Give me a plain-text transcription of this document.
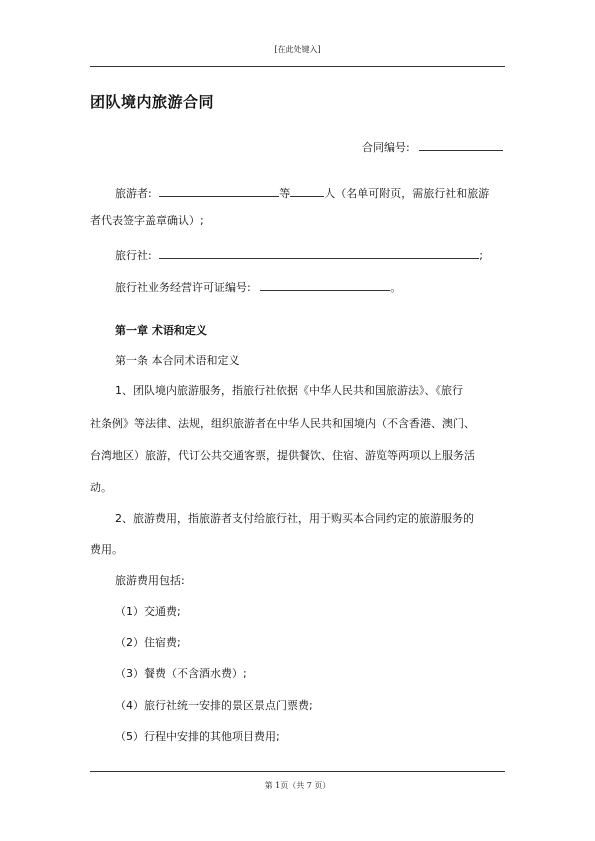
[在此处键入]
团队境内旅游合同
合同编号:
旅游者:	等	人（名单可附页，需旅行社和旅游
者代表签字盖章确认）;
旅行社:	;
旅行社业务经营许可证编号:	。
第一章 术语和定义
第一条 本合同术语和定义
1、团队境内旅游服务，指旅行社依据《中华人民共和国旅游法》、《旅行
社条例》等法律、法规，组织旅游者在中华人民共和国境内（不含香港、澳门、
台湾地区）旅游，代订公共交通客票，提供餐饮、住宿、游览等两项以上服务活
动。
2、旅游费用，指旅游者支付给旅行社，用于购买本合同约定的旅游服务的
费用。
旅游费用包括:
（1）交通费;
（2）住宿费;
（3）餐费（不含酒水费）;
（4）旅行社统一安排的景区景点门票费;
（5）行程中安排的其他项目费用;
第 1页（共 7 页）
